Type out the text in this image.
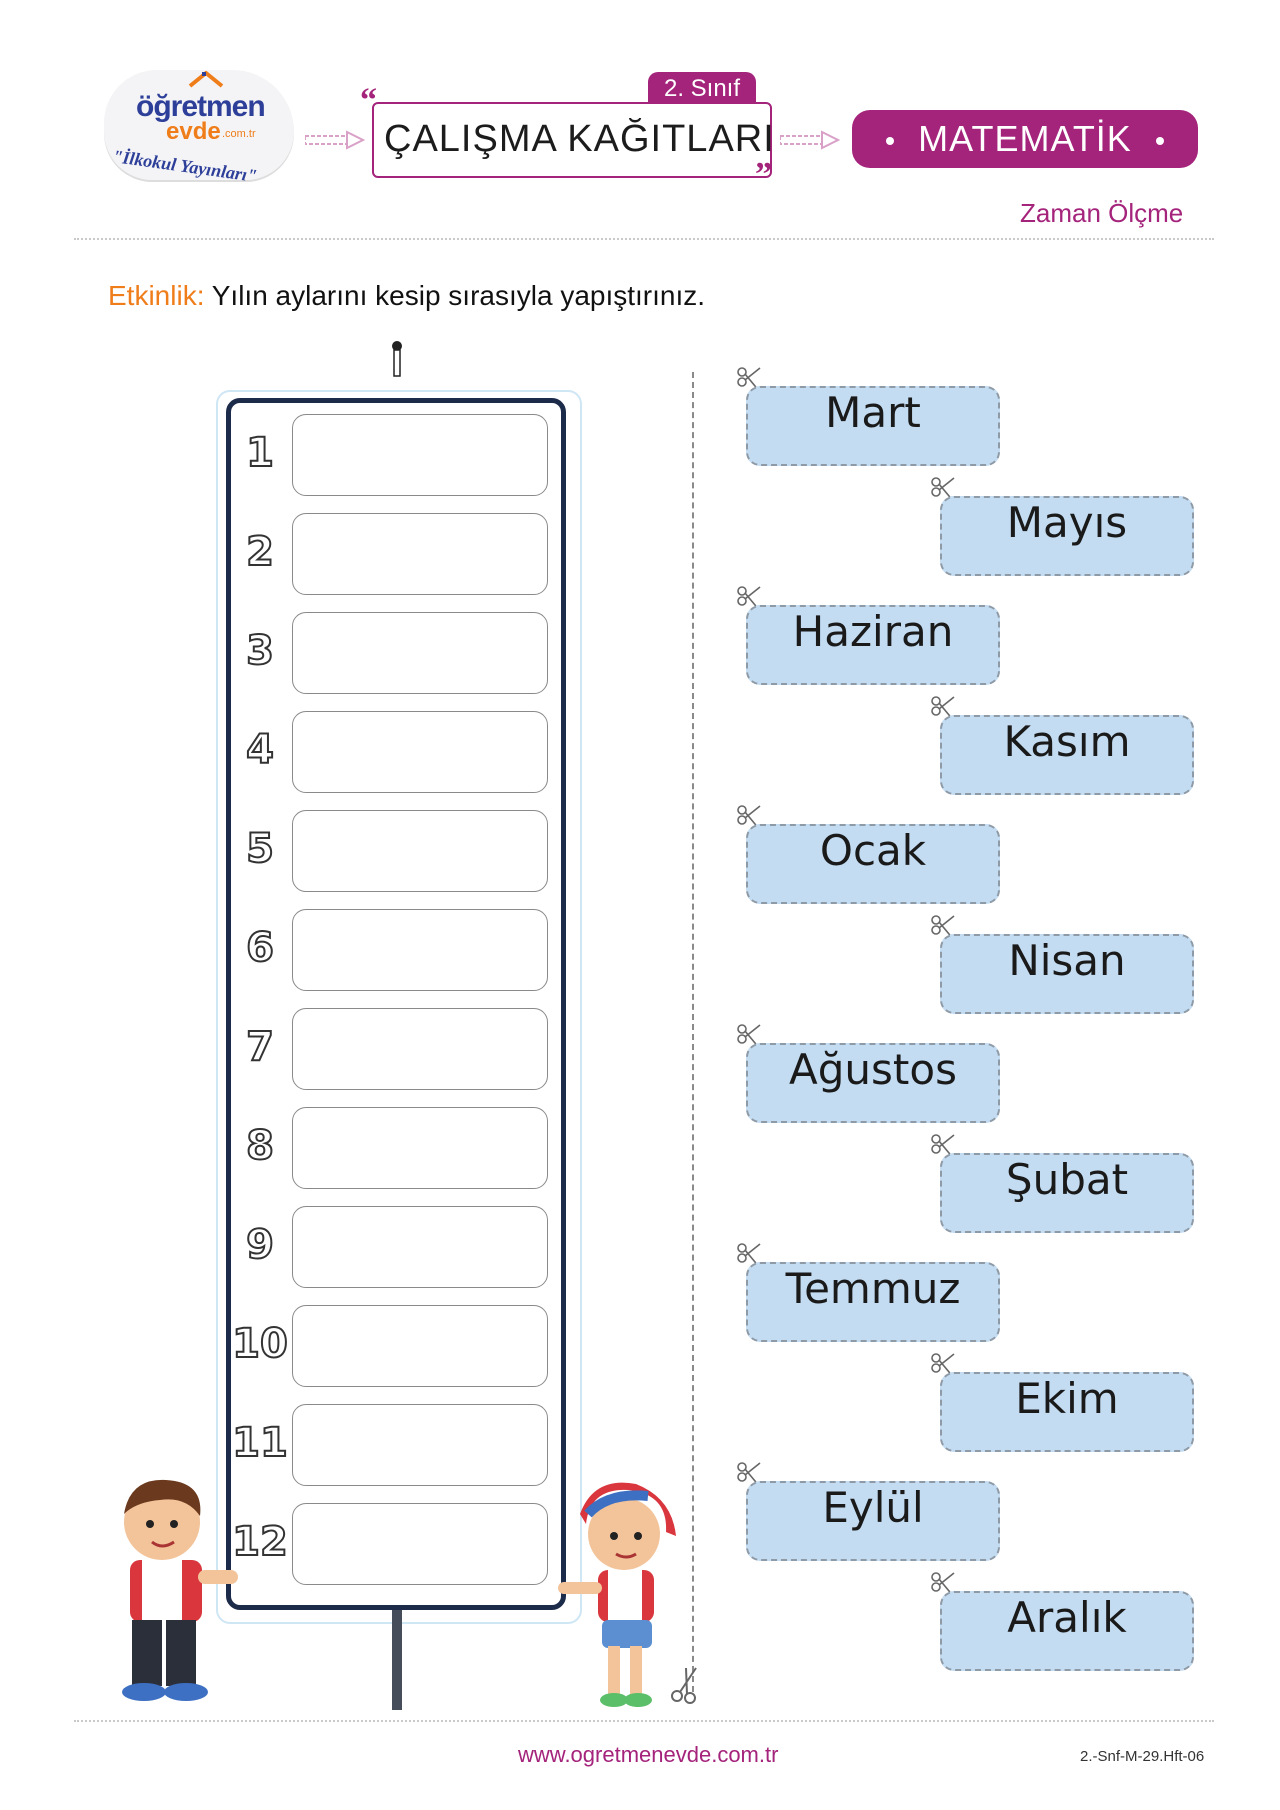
öğretmen
evde .com.tr
"İlkokul Yayınları"
2. Sınıf
“
ÇALIŞMA KAĞITLARI
”
MATEMATİK
Zaman Ölçme
Etkinlik: Yılın aylarını kesip sırasıyla yapıştırınız.
1
2
3
4
5
6
7
8
9
10
11
12
Mart
Mayıs
Haziran
Kasım
Ocak
Nisan
Ağustos
Şubat
Temmuz
Ekim
Eylül
Aralık
www.ogretmenevde.com.tr	2.-Snf-M-29.Hft-06
